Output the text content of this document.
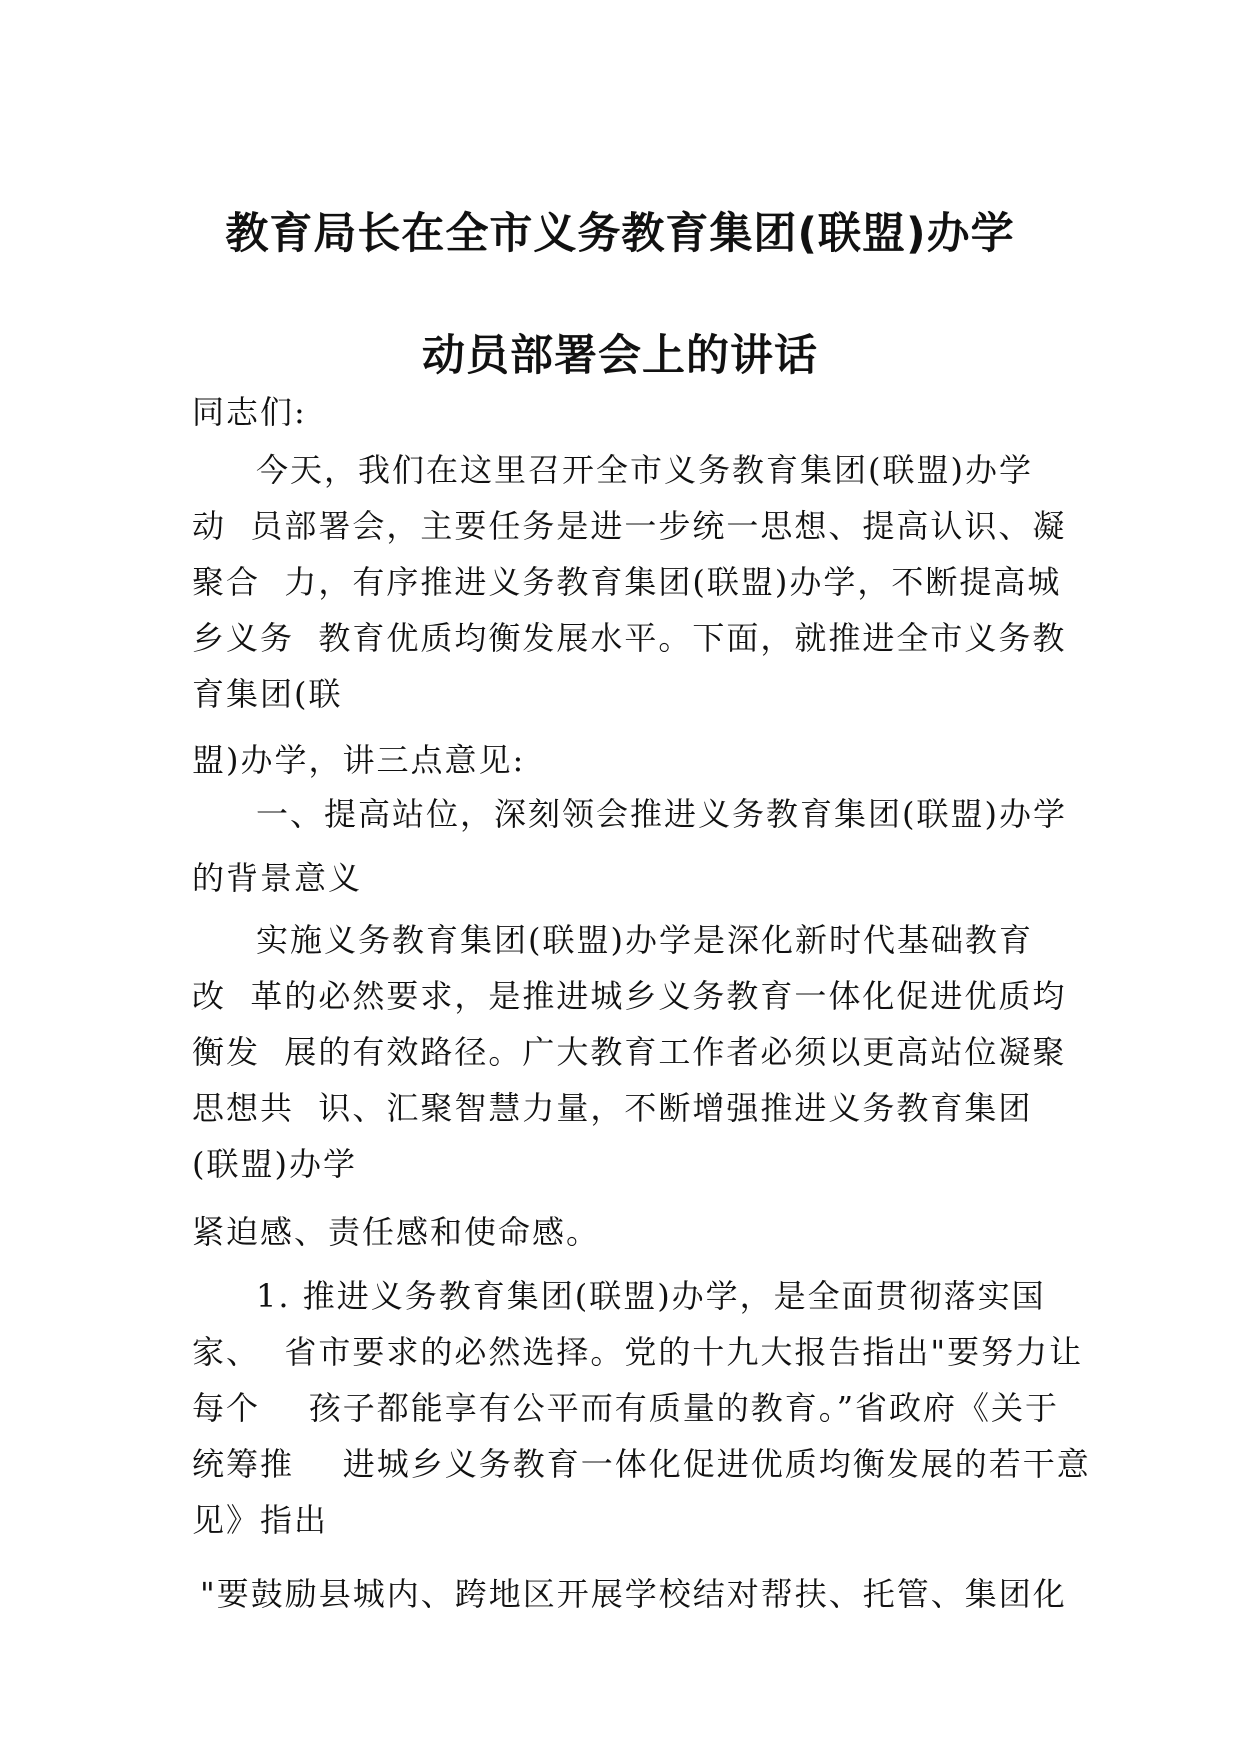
教育局长在全市义务教育集团(联盟)办学
动员部署会上的讲话
同志们:
今天，我们在这里召开全市义务教育集团(联盟)办学
动  员部署会，主要任务是进一步统一思想、提高认识、凝
聚合  力，有序推进义务教育集团(联盟)办学，不断提高城
乡义务  教育优质均衡发展水平。下面，就推进全市义务教
育集团(联
盟)办学，讲三点意见:
一、提高站位，深刻领会推进义务教育集团(联盟)办学
的背景意义
实施义务教育集团(联盟)办学是深化新时代基础教育
改  革的必然要求，是推进城乡义务教育一体化促进优质均
衡发  展的有效路径。广大教育工作者必须以更高站位凝聚
思想共  识、汇聚智慧力量，不断增强推进义务教育集团
(联盟)办学
紧迫感、责任感和使命感。
1. 推进义务教育集团(联盟)办学，是全面贯彻落实国
家、  省市要求的必然选择。党的十九大报告指出"要努力让
每个    孩子都能享有公平而有质量的教育。”省政府《关于
统筹推    进城乡义务教育一体化促进优质均衡发展的若干意
见》指出
"要鼓励县城内、跨地区开展学校结对帮扶、托管、集团化
